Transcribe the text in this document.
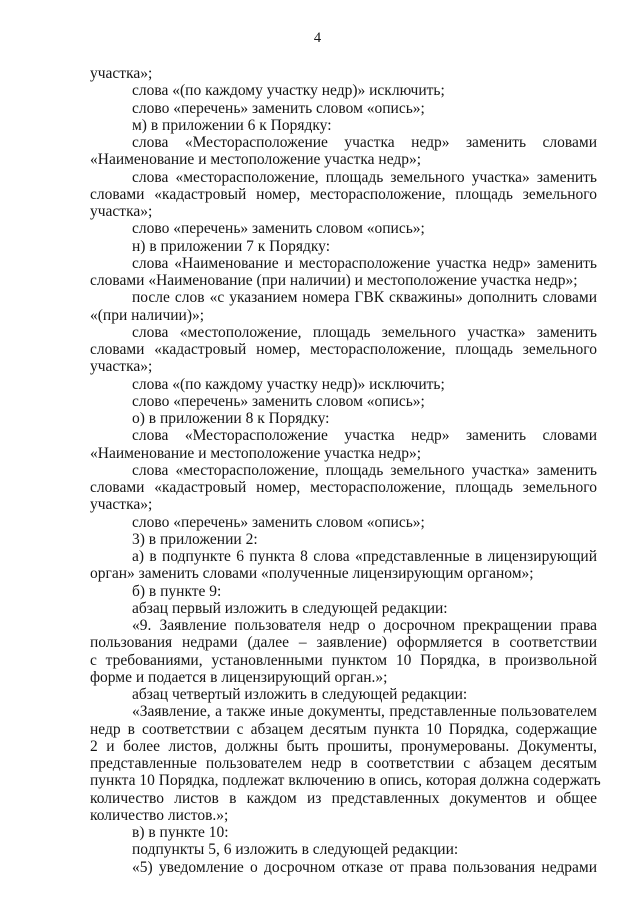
4
участка»;
слова «(по каждому участку недр)» исключить;
слово «перечень» заменить словом «опись»;
м) в приложении 6 к Порядку:
слова «Месторасположение участка недр» заменить словами
«Наименование и местоположение участка недр»;
слова «месторасположение, площадь земельного участка» заменить
словами «кадастровый номер, месторасположение, площадь земельного
участка»;
слово «перечень» заменить словом «опись»;
н) в приложении 7 к Порядку:
слова «Наименование и месторасположение участка недр» заменить
словами «Наименование (при наличии) и местоположение участка недр»;
после слов «с указанием номера ГВК скважины» дополнить словами
«(при наличии)»;
слова «местоположение, площадь земельного участка» заменить
словами «кадастровый номер, месторасположение, площадь земельного
участка»;
слова «(по каждому участку недр)» исключить;
слово «перечень» заменить словом «опись»;
о) в приложении 8 к Порядку:
слова «Месторасположение участка недр» заменить словами
«Наименование и местоположение участка недр»;
слова «месторасположение, площадь земельного участка» заменить
словами «кадастровый номер, месторасположение, площадь земельного
участка»;
слово «перечень» заменить словом «опись»;
3) в приложении 2:
а) в подпункте 6 пункта 8 слова «представленные в лицензирующий
орган» заменить словами «полученные лицензирующим органом»;
б) в пункте 9:
абзац первый изложить в следующей редакции:
«9. Заявление пользователя недр о досрочном прекращении права
пользования недрами (далее – заявление) оформляется в соответствии
с требованиями, установленными пунктом 10 Порядка, в произвольной
форме и подается в лицензирующий орган.»;
абзац четвертый изложить в следующей редакции:
«Заявление, а также иные документы, представленные пользователем
недр в соответствии с абзацем десятым пункта 10 Порядка, содержащие
2 и более листов, должны быть прошиты, пронумерованы. Документы,
представленные пользователем недр в соответствии с абзацем десятым
пункта 10 Порядка, подлежат включению в опись, которая должна содержать
количество листов в каждом из представленных документов и общее
количество листов.»;
в) в пункте 10:
подпункты 5, 6 изложить в следующей редакции:
«5) уведомление о досрочном отказе от права пользования недрами
